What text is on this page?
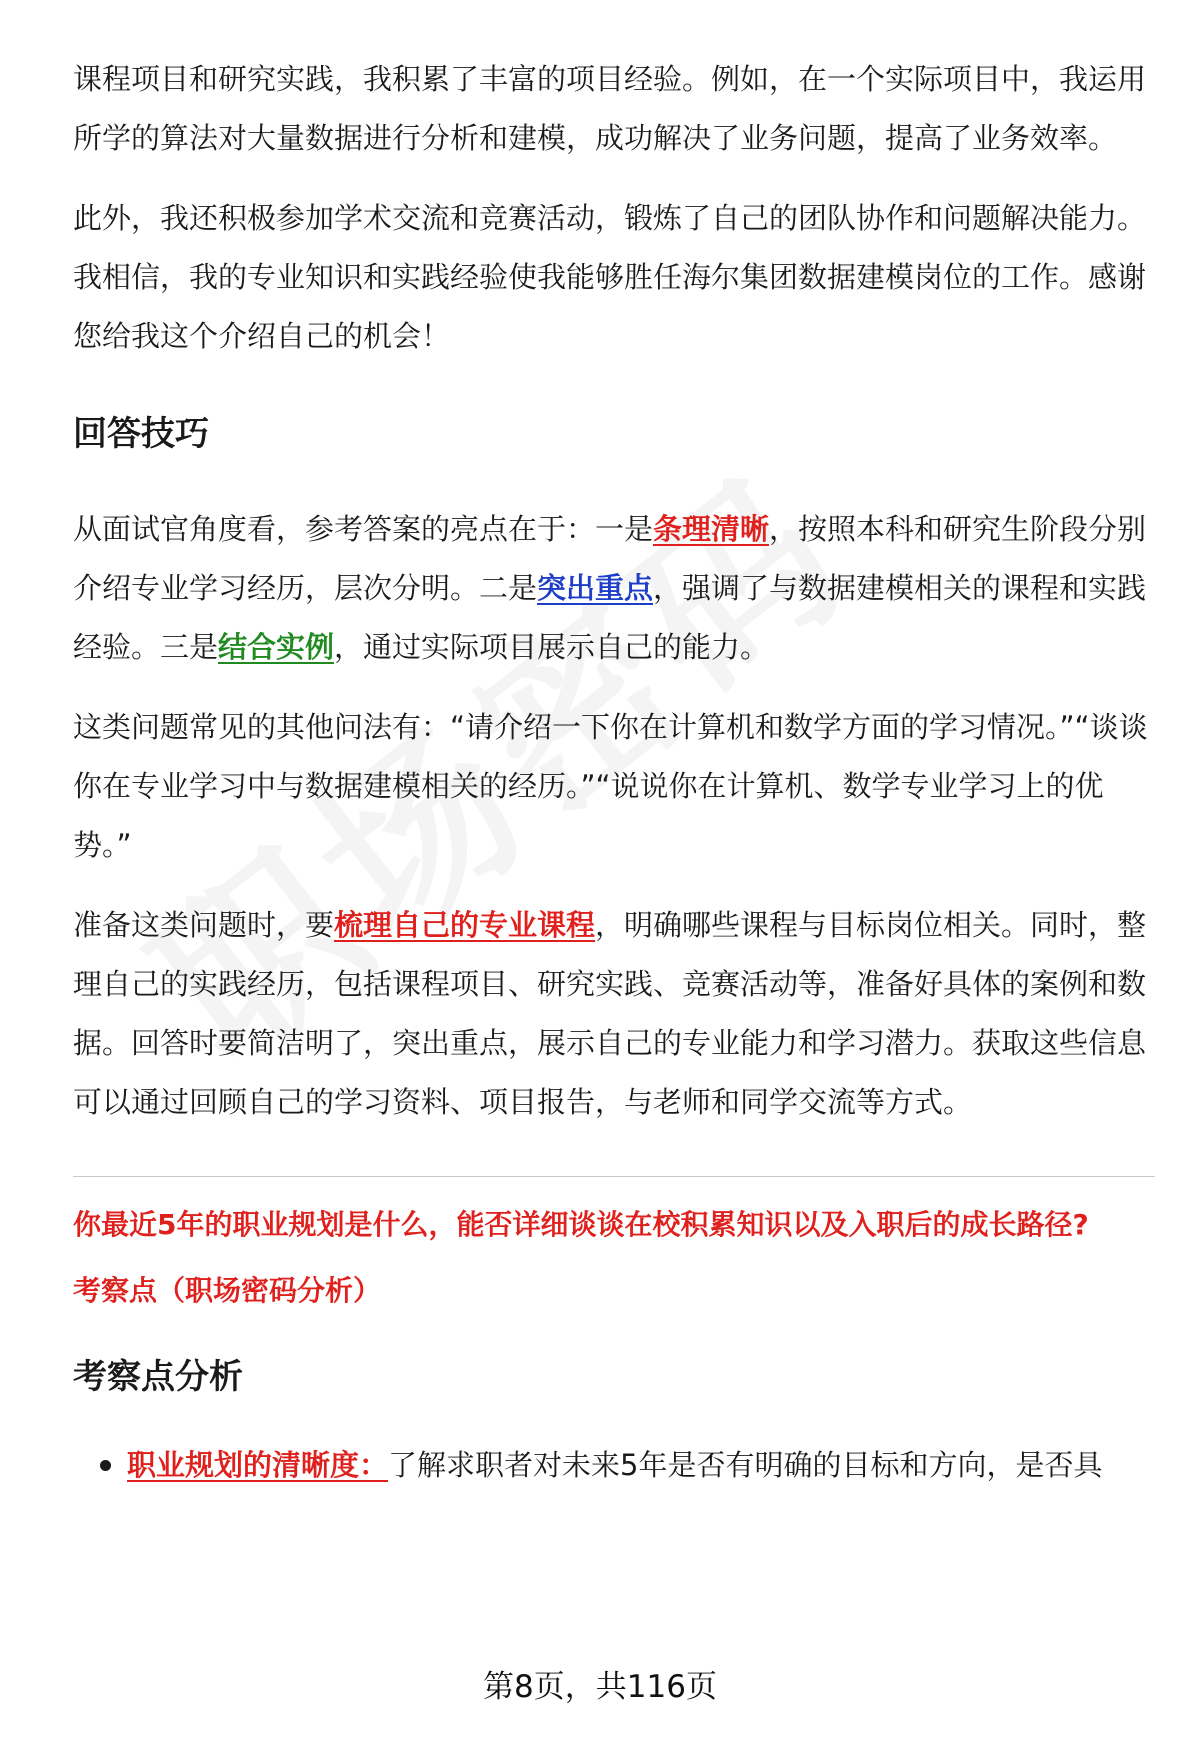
课程项目和研究实践，我积累了丰富的项目经验。例如，在一个实际项目中，我运用所学的算法对大量数据进行分析和建模，成功解决了业务问题，提高了业务效率。

此外，我还积极参加学术交流和竞赛活动，锻炼了自己的团队协作和问题解决能力。我相信，我的专业知识和实践经验使我能够胜任海尔集团数据建模岗位的工作。感谢您给我这个介绍自己的机会！

回答技巧

从面试官角度看，参考答案的亮点在于：一是条理清晰，按照本科和研究生阶段分别介绍专业学习经历，层次分明。二是突出重点，强调了与数据建模相关的课程和实践经验。三是结合实例，通过实际项目展示自己的能力。

这类问题常见的其他问法有：“请介绍一下你在计算机和数学方面的学习情况。”“谈谈你在专业学习中与数据建模相关的经历。”“说说你在计算机、数学专业学习上的优势。”

准备这类问题时，要梳理自己的专业课程，明确哪些课程与目标岗位相关。同时，整理自己的实践经历，包括课程项目、研究实践、竞赛活动等，准备好具体的案例和数据。回答时要简洁明了，突出重点，展示自己的专业能力和学习潜力。获取这些信息可以通过回顾自己的学习资料、项目报告，与老师和同学交流等方式。

你最近5年的职业规划是什么，能否详细谈谈在校积累知识以及入职后的成长路径?
考察点（职场密码分析）
考察点分析
职业规划的清晰度：了解求职者对未来5年是否有明确的目标和方向，是否具
第8页，共116页
